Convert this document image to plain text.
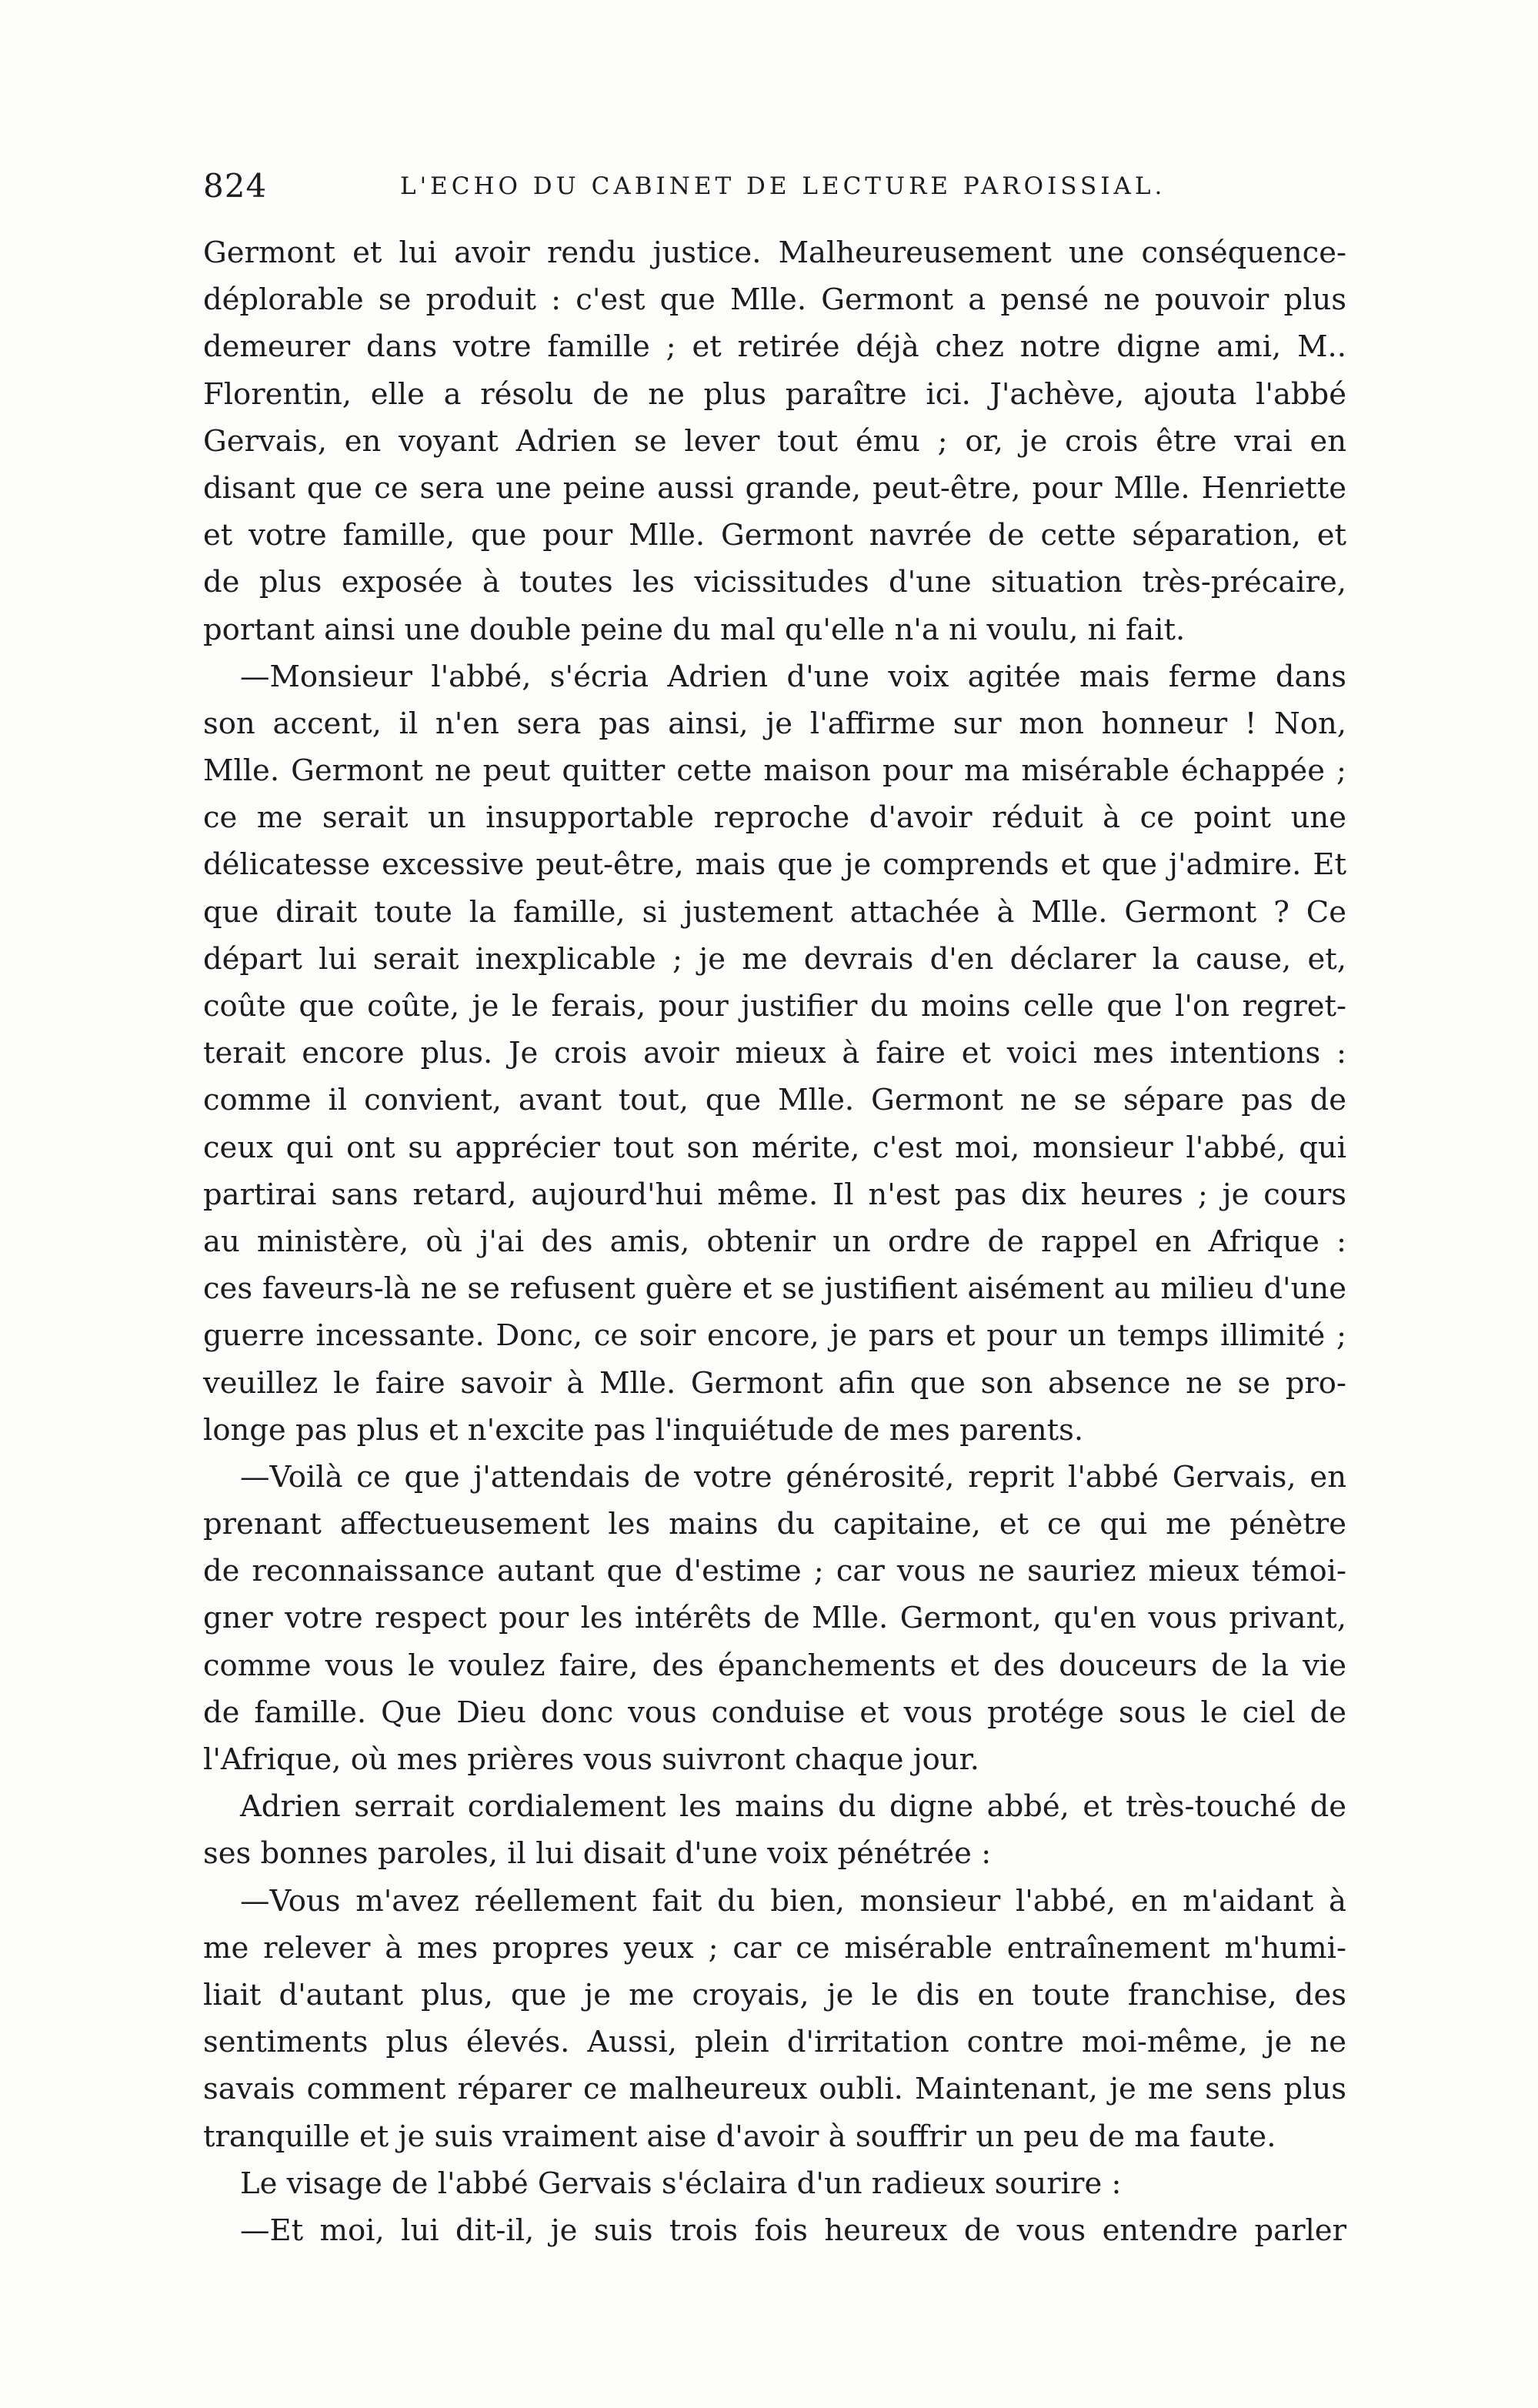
824	L'ECHO DU CABINET DE LECTURE PAROISSIAL.
Germont et lui avoir rendu justice. Malheureusement une conséquence-
déplorable se produit : c'est que Mlle. Germont a pensé ne pouvoir plus
demeurer dans votre famille ; et retirée déjà chez notre digne ami, M..
Florentin, elle a résolu de ne plus paraître ici. J'achève, ajouta l'abbé
Gervais, en voyant Adrien se lever tout ému ; or, je crois être vrai en
disant que ce sera une peine aussi grande, peut-être, pour Mlle. Henriette
et votre famille, que pour Mlle. Germont navrée de cette séparation, et
de plus exposée à toutes les vicissitudes d'une situation très-précaire,
portant ainsi une double peine du mal qu'elle n'a ni voulu, ni fait.
—Monsieur l'abbé, s'écria Adrien d'une voix agitée mais ferme dans
son accent, il n'en sera pas ainsi, je l'affirme sur mon honneur ! Non,
Mlle. Germont ne peut quitter cette maison pour ma misérable échappée ;
ce me serait un insupportable reproche d'avoir réduit à ce point une
délicatesse excessive peut-être, mais que je comprends et que j'admire. Et
que dirait toute la famille, si justement attachée à Mlle. Germont ? Ce
départ lui serait inexplicable ; je me devrais d'en déclarer la cause, et,
coûte que coûte, je le ferais, pour justifier du moins celle que l'on regret-
terait encore plus. Je crois avoir mieux à faire et voici mes intentions :
comme il convient, avant tout, que Mlle. Germont ne se sépare pas de
ceux qui ont su apprécier tout son mérite, c'est moi, monsieur l'abbé, qui
partirai sans retard, aujourd'hui même. Il n'est pas dix heures ; je cours
au ministère, où j'ai des amis, obtenir un ordre de rappel en Afrique :
ces faveurs-là ne se refusent guère et se justifient aisément au milieu d'une
guerre incessante. Donc, ce soir encore, je pars et pour un temps illimité ;
veuillez le faire savoir à Mlle. Germont afin que son absence ne se pro-
longe pas plus et n'excite pas l'inquiétude de mes parents.
—Voilà ce que j'attendais de votre générosité, reprit l'abbé Gervais, en
prenant affectueusement les mains du capitaine, et ce qui me pénètre
de reconnaissance autant que d'estime ; car vous ne sauriez mieux témoi-
gner votre respect pour les intérêts de Mlle. Germont, qu'en vous privant,
comme vous le voulez faire, des épanchements et des douceurs de la vie
de famille. Que Dieu donc vous conduise et vous protége sous le ciel de
l'Afrique, où mes prières vous suivront chaque jour.
Adrien serrait cordialement les mains du digne abbé, et très-touché de
ses bonnes paroles, il lui disait d'une voix pénétrée :
—Vous m'avez réellement fait du bien, monsieur l'abbé, en m'aidant à
me relever à mes propres yeux ; car ce misérable entraînement m'humi-
liait d'autant plus, que je me croyais, je le dis en toute franchise, des
sentiments plus élevés. Aussi, plein d'irritation contre moi-même, je ne
savais comment réparer ce malheureux oubli. Maintenant, je me sens plus
tranquille et je suis vraiment aise d'avoir à souffrir un peu de ma faute.
Le visage de l'abbé Gervais s'éclaira d'un radieux sourire :
—Et moi, lui dit-il, je suis trois fois heureux de vous entendre parler
